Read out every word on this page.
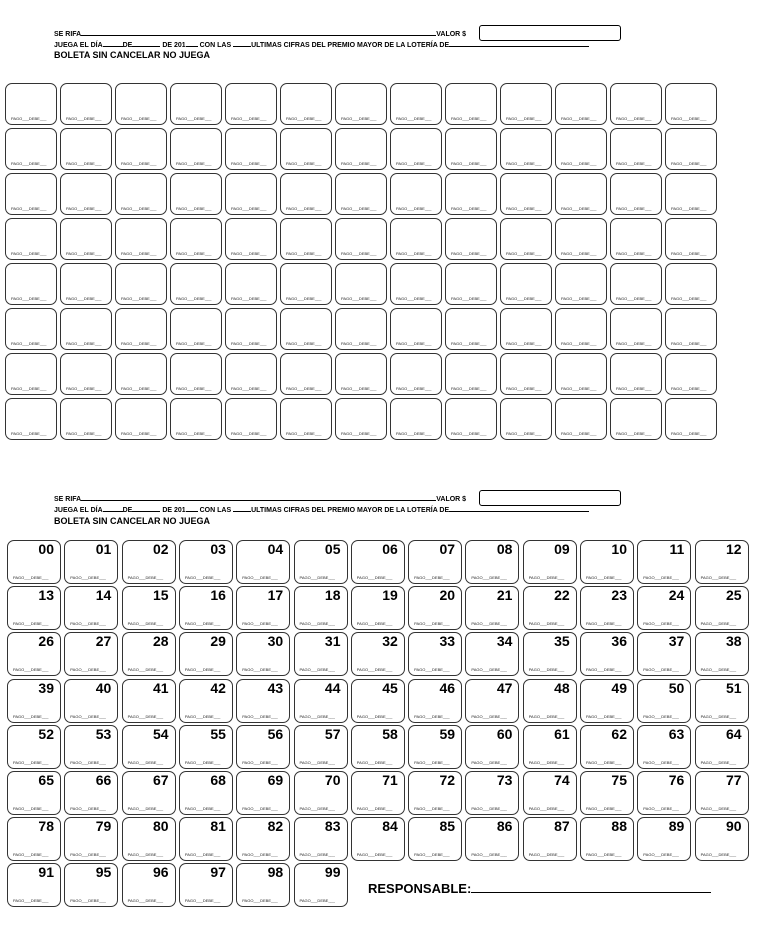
SE RIFA	VALOR $
JUEGA EL DÍA	DE	DE 201 CON LAS	ULTIMAS CIFRAS DEL PREMIO MAYOR DE LA LOTERÍA DE
BOLETA SIN CANCELAR NO JUEGA
PAGO___DEBE___	PAGO___DEBE___	PAGO___DEBE___	PAGO___DEBE___	PAGO___DEBE___	PAGO___DEBE___	PAGO___DEBE___	PAGO___DEBE___	PAGO___DEBE___	PAGO___DEBE___	PAGO___DEBE___	PAGO___DEBE___	PAGO___DEBE___
PAGO___DEBE___	PAGO___DEBE___	PAGO___DEBE___	PAGO___DEBE___	PAGO___DEBE___	PAGO___DEBE___	PAGO___DEBE___	PAGO___DEBE___	PAGO___DEBE___	PAGO___DEBE___	PAGO___DEBE___	PAGO___DEBE___	PAGO___DEBE___
PAGO___DEBE___	PAGO___DEBE___	PAGO___DEBE___	PAGO___DEBE___	PAGO___DEBE___	PAGO___DEBE___	PAGO___DEBE___	PAGO___DEBE___	PAGO___DEBE___	PAGO___DEBE___	PAGO___DEBE___	PAGO___DEBE___	PAGO___DEBE___
PAGO___DEBE___	PAGO___DEBE___	PAGO___DEBE___	PAGO___DEBE___	PAGO___DEBE___	PAGO___DEBE___	PAGO___DEBE___	PAGO___DEBE___	PAGO___DEBE___	PAGO___DEBE___	PAGO___DEBE___	PAGO___DEBE___	PAGO___DEBE___
PAGO___DEBE___	PAGO___DEBE___	PAGO___DEBE___	PAGO___DEBE___	PAGO___DEBE___	PAGO___DEBE___	PAGO___DEBE___	PAGO___DEBE___	PAGO___DEBE___	PAGO___DEBE___	PAGO___DEBE___	PAGO___DEBE___	PAGO___DEBE___
PAGO___DEBE___	PAGO___DEBE___	PAGO___DEBE___	PAGO___DEBE___	PAGO___DEBE___	PAGO___DEBE___	PAGO___DEBE___	PAGO___DEBE___	PAGO___DEBE___	PAGO___DEBE___	PAGO___DEBE___	PAGO___DEBE___	PAGO___DEBE___
PAGO___DEBE___	PAGO___DEBE___	PAGO___DEBE___	PAGO___DEBE___	PAGO___DEBE___	PAGO___DEBE___	PAGO___DEBE___	PAGO___DEBE___	PAGO___DEBE___	PAGO___DEBE___	PAGO___DEBE___	PAGO___DEBE___	PAGO___DEBE___
PAGO___DEBE___	PAGO___DEBE___	PAGO___DEBE___	PAGO___DEBE___	PAGO___DEBE___	PAGO___DEBE___	PAGO___DEBE___	PAGO___DEBE___	PAGO___DEBE___	PAGO___DEBE___	PAGO___DEBE___	PAGO___DEBE___	PAGO___DEBE___
SE RIFA	VALOR $
JUEGA EL DÍA	DE	DE 201 CON LAS	ULTIMAS CIFRAS DEL PREMIO MAYOR DE LA LOTERÍA DE
BOLETA SIN CANCELAR NO JUEGA
00
PAGO___DEBE___
01
PAGO___DEBE___
02
PAGO___DEBE___
03
PAGO___DEBE___
04
PAGO___DEBE___
05
PAGO___DEBE___
06
PAGO___DEBE___
07
PAGO___DEBE___
08
PAGO___DEBE___
09
PAGO___DEBE___
10
PAGO___DEBE___
11
PAGO___DEBE___
12
PAGO___DEBE___
13
PAGO___DEBE___
14
PAGO___DEBE___
15
PAGO___DEBE___
16
PAGO___DEBE___
17
PAGO___DEBE___
18
PAGO___DEBE___
19
PAGO___DEBE___
20
PAGO___DEBE___
21
PAGO___DEBE___
22
PAGO___DEBE___
23
PAGO___DEBE___
24
PAGO___DEBE___
25
PAGO___DEBE___
26
PAGO___DEBE___
27
PAGO___DEBE___
28
PAGO___DEBE___
29
PAGO___DEBE___
30
PAGO___DEBE___
31
PAGO___DEBE___
32
PAGO___DEBE___
33
PAGO___DEBE___
34
PAGO___DEBE___
35
PAGO___DEBE___
36
PAGO___DEBE___
37
PAGO___DEBE___
38
PAGO___DEBE___
39
PAGO___DEBE___
40
PAGO___DEBE___
41
PAGO___DEBE___
42
PAGO___DEBE___
43
PAGO___DEBE___
44
PAGO___DEBE___
45
PAGO___DEBE___
46
PAGO___DEBE___
47
PAGO___DEBE___
48
PAGO___DEBE___
49
PAGO___DEBE___
50
PAGO___DEBE___
51
PAGO___DEBE___
52
PAGO___DEBE___
53
PAGO___DEBE___
54
PAGO___DEBE___
55
PAGO___DEBE___
56
PAGO___DEBE___
57
PAGO___DEBE___
58
PAGO___DEBE___
59
PAGO___DEBE___
60
PAGO___DEBE___
61
PAGO___DEBE___
62
PAGO___DEBE___
63
PAGO___DEBE___
64
PAGO___DEBE___
65
PAGO___DEBE___
66
PAGO___DEBE___
67
PAGO___DEBE___
68
PAGO___DEBE___
69
PAGO___DEBE___
70
PAGO___DEBE___
71
PAGO___DEBE___
72
PAGO___DEBE___
73
PAGO___DEBE___
74
PAGO___DEBE___
75
PAGO___DEBE___
76
PAGO___DEBE___
77
PAGO___DEBE___
78
PAGO___DEBE___
79
PAGO___DEBE___
80
PAGO___DEBE___
81
PAGO___DEBE___
82
PAGO___DEBE___
83
PAGO___DEBE___
84
PAGO___DEBE___
85
PAGO___DEBE___
86
PAGO___DEBE___
87
PAGO___DEBE___
88
PAGO___DEBE___
89
PAGO___DEBE___
90
PAGO___DEBE___
91
PAGO___DEBE___
95
PAGO___DEBE___
96
PAGO___DEBE___
97
PAGO___DEBE___
98
PAGO___DEBE___
99
PAGO___DEBE___
RESPONSABLE:
